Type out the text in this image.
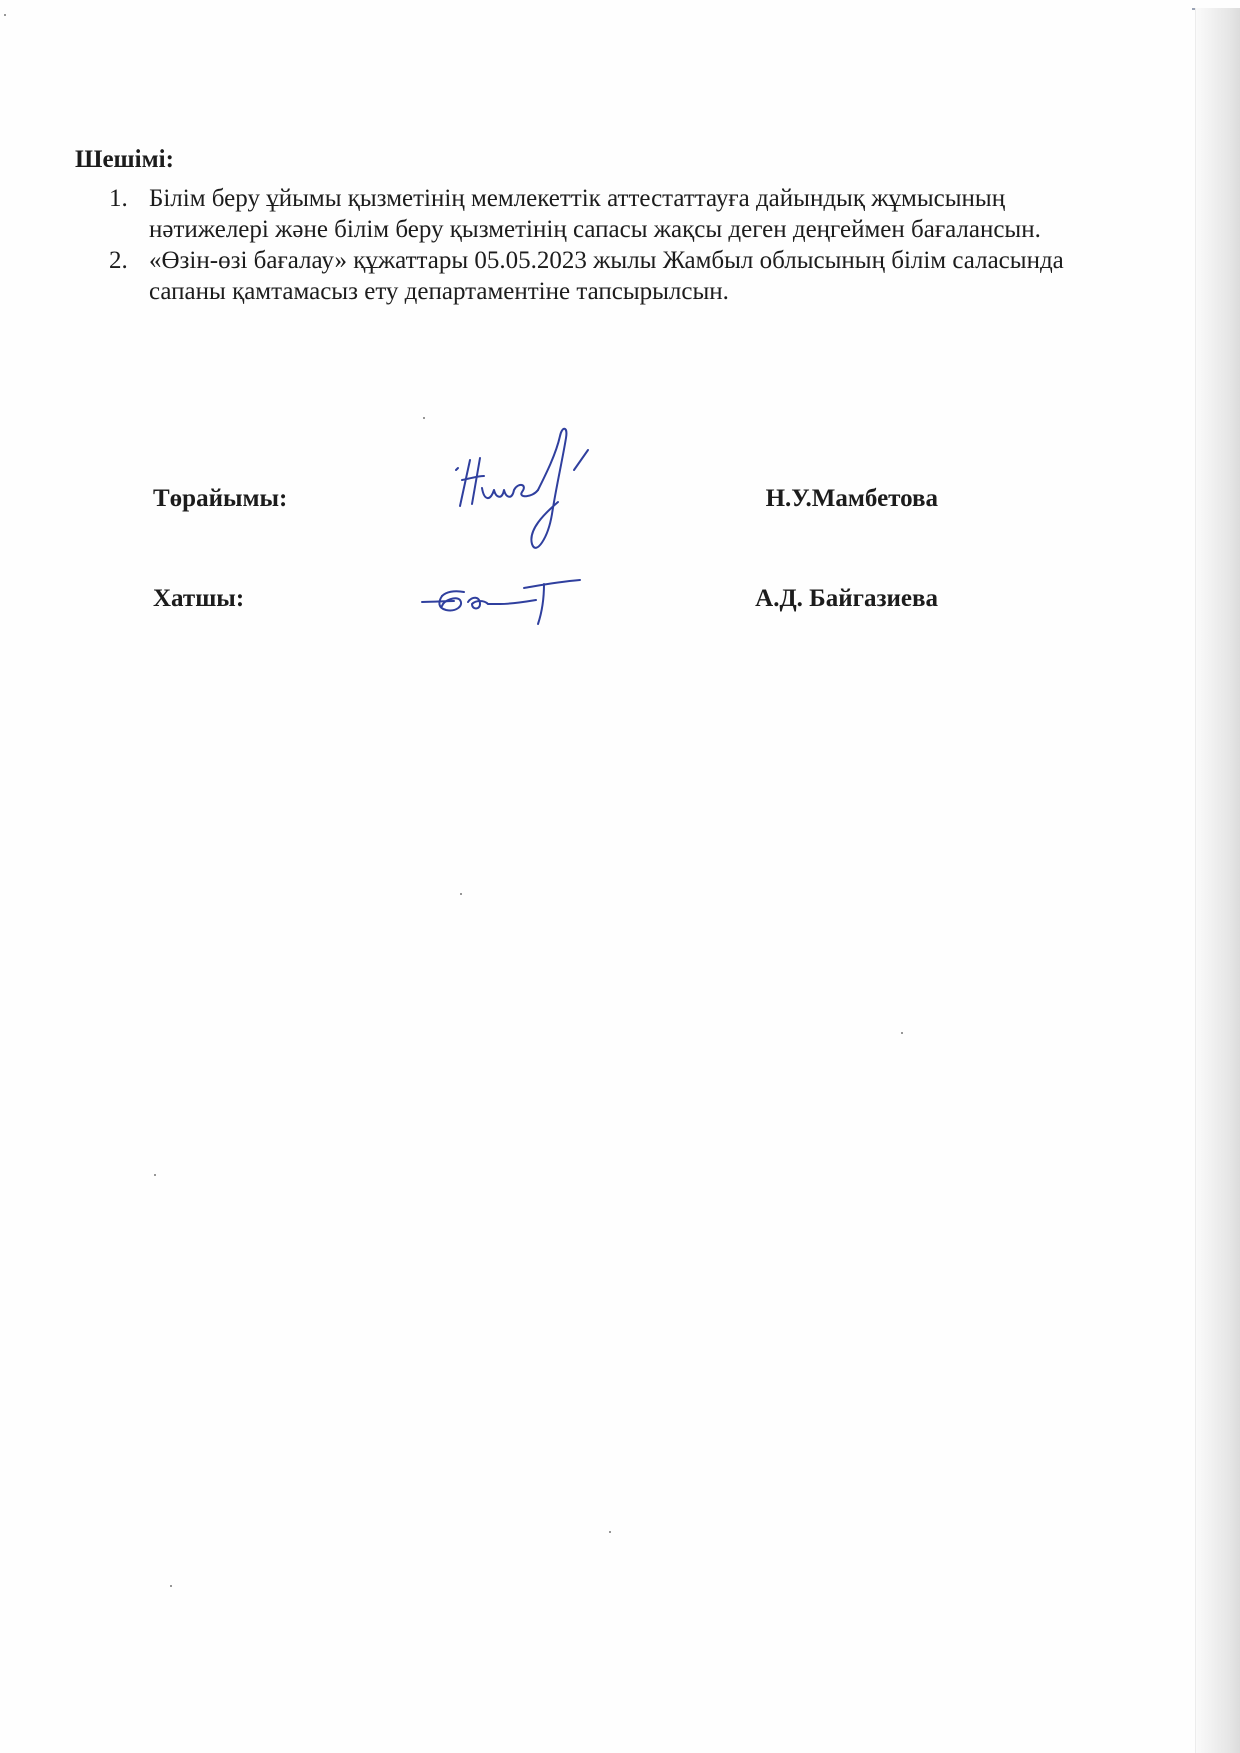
Шешімі:
1. Білім беру ұйымы қызметінің мемлекеттік аттестаттауға дайындық жұмысының нәтижелері және білім беру қызметінің сапасы жақсы деген деңгеймен бағалансын.
2. «Өзін-өзі бағалау» құжаттары 05.05.2023 жылы Жамбыл облысының білім саласында сапаны қамтамасыз ету департаментіне тапсырылсын.
Төрайымы:	Н.У.Мамбетова
Хатшы:	А.Д. Байгазиева
